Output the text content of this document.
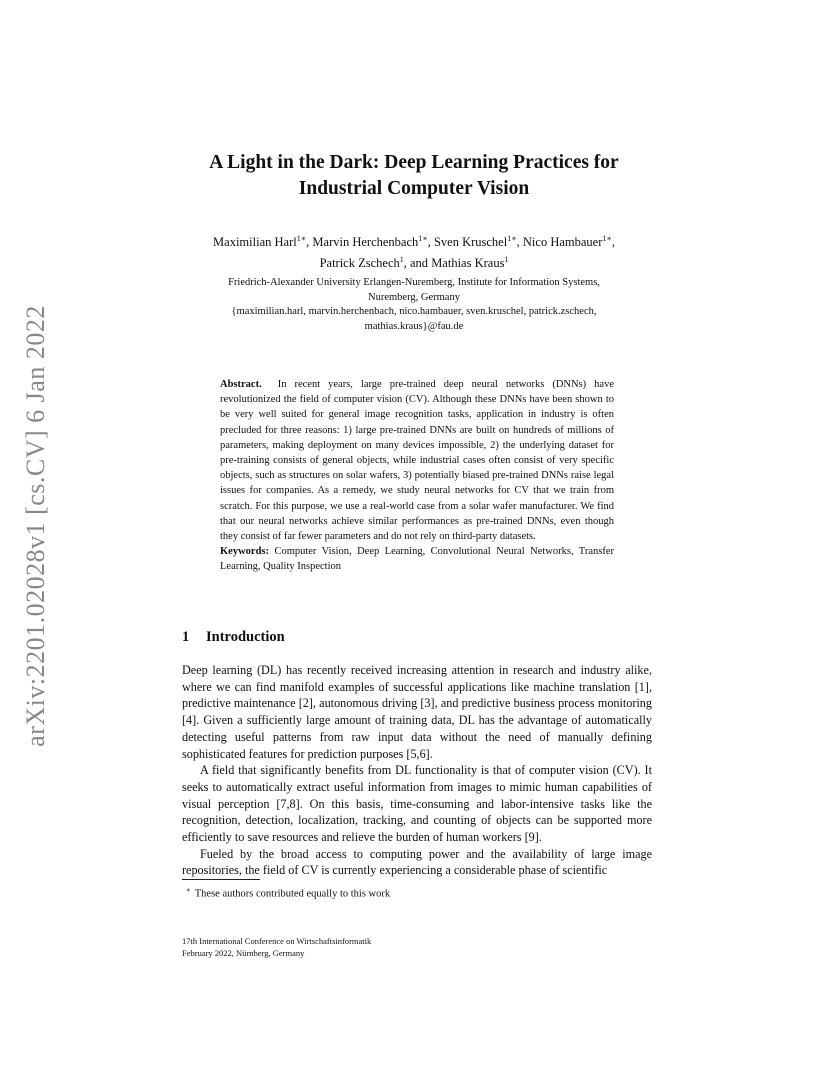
arXiv:2201.02028v1 [cs.CV] 6 Jan 2022
A Light in the Dark: Deep Learning Practices for
Industrial Computer Vision
Maximilian Harl$^{1∗}$, Marvin Herchenbach$^{1∗}$, Sven Kruschel$^{1∗}$, Nico Hambauer$^{1∗}$,
Patrick Zschech$^1$, and Mathias Kraus$^1$
Friedrich-Alexander University Erlangen-Nuremberg, Institute for Information Systems,
Nuremberg, Germany
{maximilian.harl, marvin.herchenbach, nico.hambauer, sven.kruschel, patrick.zschech,
mathias.kraus}@fau.de
Abstract. In recent years, large pre-trained deep neural networks (DNNs) have revolutionized the field of computer vision (CV). Although these DNNs have been shown to be very well suited for general image recognition tasks, application in industry is often precluded for three reasons: 1) large pre-trained DNNs are built on hundreds of millions of parameters, making deployment on many devices impossible, 2) the underlying dataset for pre-training consists of general objects, while industrial cases often consist of very specific objects, such as structures on solar wafers, 3) potentially biased pre-trained DNNs raise legal issues for companies. As a remedy, we study neural networks for CV that we train from scratch. For this purpose, we use a real-world case from a solar wafer manufacturer. We find that our neural networks achieve similar performances as pre-trained DNNs, even though they consist of far fewer parameters and do not rely on third-party datasets.
Keywords: Computer Vision, Deep Learning, Convolutional Neural Networks, Transfer Learning, Quality Inspection
1 Introduction

Deep learning (DL) has recently received increasing attention in research and industry alike, where we can find manifold examples of successful applications like machine translation [1], predictive maintenance [2], autonomous driving [3], and predictive business process monitoring [4]. Given a sufficiently large amount of training data, DL has the advantage of automatically detecting useful patterns from raw input data without the need of manually defining sophisticated features for prediction purposes [5,6].

A field that significantly benefits from DL functionality is that of computer vision (CV). It seeks to automatically extract useful information from images to mimic human capabilities of visual perception [7,8]. On this basis, time-consuming and labor-intensive tasks like the recognition, detection, localization, tracking, and counting of objects can be supported more efficiently to save resources and relieve the burden of human workers [9].

Fueled by the broad access to computing power and the availability of large image repositories, the field of CV is currently experiencing a considerable phase of scientific

∗ These authors contributed equally to this work
17th International Conference on Wirtschaftsinformatik
February 2022, Nürnberg, Germany
